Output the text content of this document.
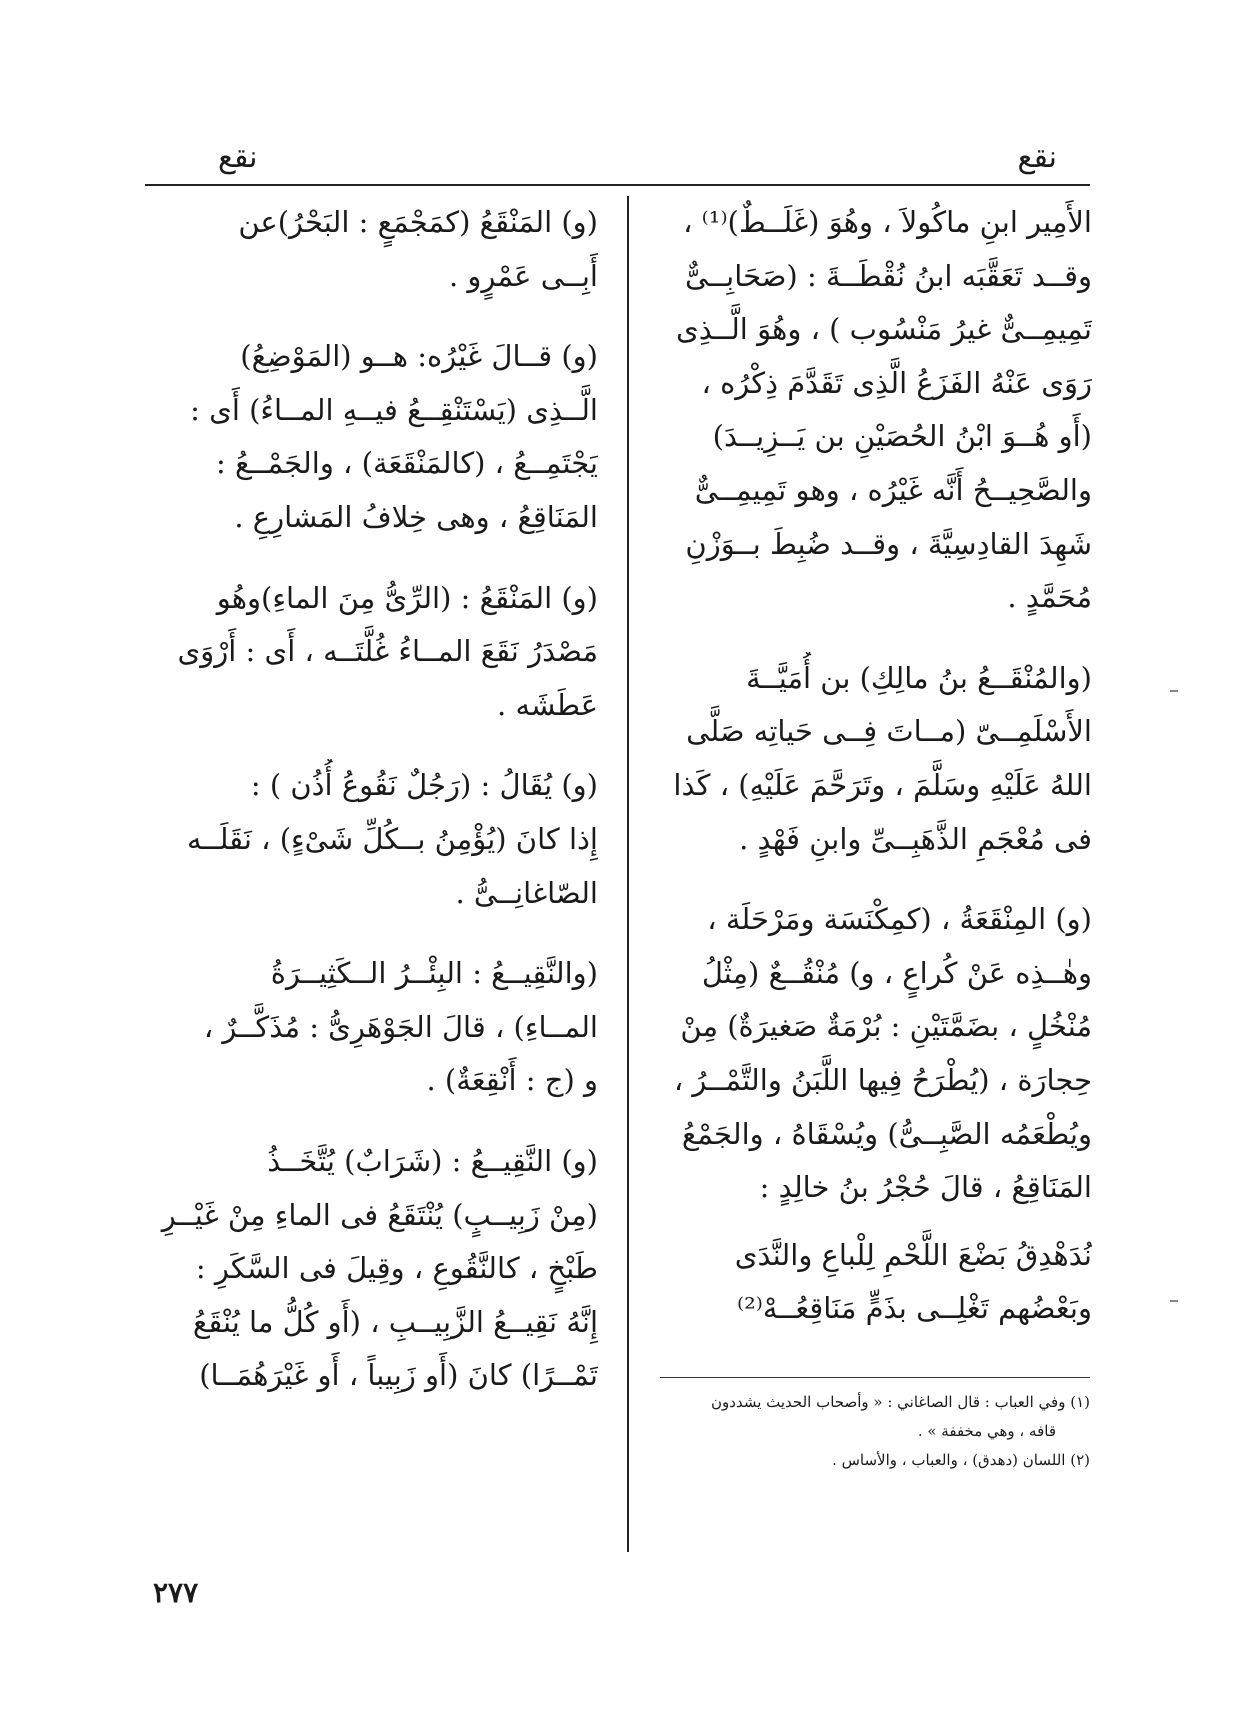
نقع
نقع
الأَمِير ابنِ ماكُولاَ ، وهُوَ (غَلَــطٌ)⁽¹⁾ ،
وقــد تَعَقَّبَه ابنُ نُقْطَــةَ : (صَحَابِــىٌّ
تَمِيمِــىٌّ غيرُ مَنْسُوب ) ، وهُوَ الَّــذِى
رَوَى عَنْهُ الفَزَعُ الَّذِى تَقَدَّمَ ذِكْرُه ،
(أَو هُــوَ ابْنُ الحُصَيْنِ بن يَــزِيــدَ)
والصَّحِيــحُ أَنَّه غَيْرُه ، وهو تَمِيمِــىٌّ
شَهِدَ القادِسِيَّةَ ، وقــد ضُبِطَ بــوَزْنِ
مُحَمَّدٍ .
(والمُنْقَــعُ بنُ مالِكِ) بن أُمَيَّــةَ
الأَسْلَمِــىّ (مــاتَ فِــى حَياتِه صَلَّى
اللهُ عَلَيْهِ وسَلَّمَ ، وتَرَحَّمَ عَلَيْهِ) ، كَذا
فى مُعْجَمِ الذَّهَبِــىِّ وابنِ فَهْدٍ .
(و) المِنْقَعَةُ ، (كمِكْنَسَة ومَرْحَلَة ،
وهٰــذِه عَنْ كُراعٍ ، و) مُنْقُــعٌ (مِثْلُ
مُنْخُلٍ ، بضَمَّتَيْنِ : بُرْمَةٌ صَغيرَةٌ) مِنْ
حِجارَة ، (يُطْرَحُ فِيها اللَّبَنُ والتَّمْــرُ ،
ويُطْعَمُه الصَّبِــىُّ) ويُسْقَاهُ ، والجَمْعُ
المَنَاقِعُ ، قالَ حُجْرُ بنُ خالِدٍ :
نُدَهْدِقُ بَضْعَ اللَّحْمِ لِلْباعِ والنَّدَى
وبَعْضُهم تَغْلِــى بذَمٍّ مَنَاقِعُــهْ⁽²⁾
(و) المَنْقَعُ (كمَجْمَعٍ : البَحْرُ)عن
أَبِــى عَمْرٍو .
(و) قــالَ غَيْرُه: هــو (المَوْضِعُ)
الَّــذِى (يَسْتَنْقِــعُ فيــهِ المــاءُ) أَى :
يَجْتَمِــعُ ، (كالمَنْقَعَة) ، والجَمْــعُ :
المَنَاقِعُ ، وهى خِلافُ المَشارِعِ .
(و) المَنْقَعُ : (الرِّىُّ مِنَ الماءِ)وهُو
مَصْدَرُ نَقَعَ المــاءُ غُلَّتَــه ، أَى : أَرْوَى
عَطَشَه .
(و) يُقَالُ : (رَجُلٌ نَقُوعُ أُذُن ) :
إِذا كانَ (يُؤْمِنُ بــكُلِّ شَىْءٍ) ، نَقَلَــه
الصّاغانِــىُّ .
(والنَّقِيــعُ : البِئْــرُ الــكَثِيــرَةُ
المــاءِ) ، قالَ الجَوْهَرِىُّ : مُذَكَّــرٌ ،
و (ج : أَنْقِعَةٌ) .
(و) النَّقِيــعُ : (شَرَابٌ) يُتَّخَــذُ
(مِنْ زَبِيــبٍ) يُنْتَقَعُ فى الماءِ مِنْ غَيْــرِ
طَبْخٍ ، كالنَّقُوعِ ، وقِيلَ فى السَّكَرِ :
إِنَّهُ نَقِيــعُ الزَّبِيــبِ ، (أَو كُلُّ ما يُنْقَعُ
تَمْــرًا) كانَ (أَو زَبِيباً ، أَو غَيْرَهُمَــا)
(١) وفي العباب : قال الصاغاني : « وأصحاب الحديث يشددون
قافه ، وهي مخففة » .
(٢) اللسان (دهدق) ، والعباب ، والأساس .
٢٧٧
